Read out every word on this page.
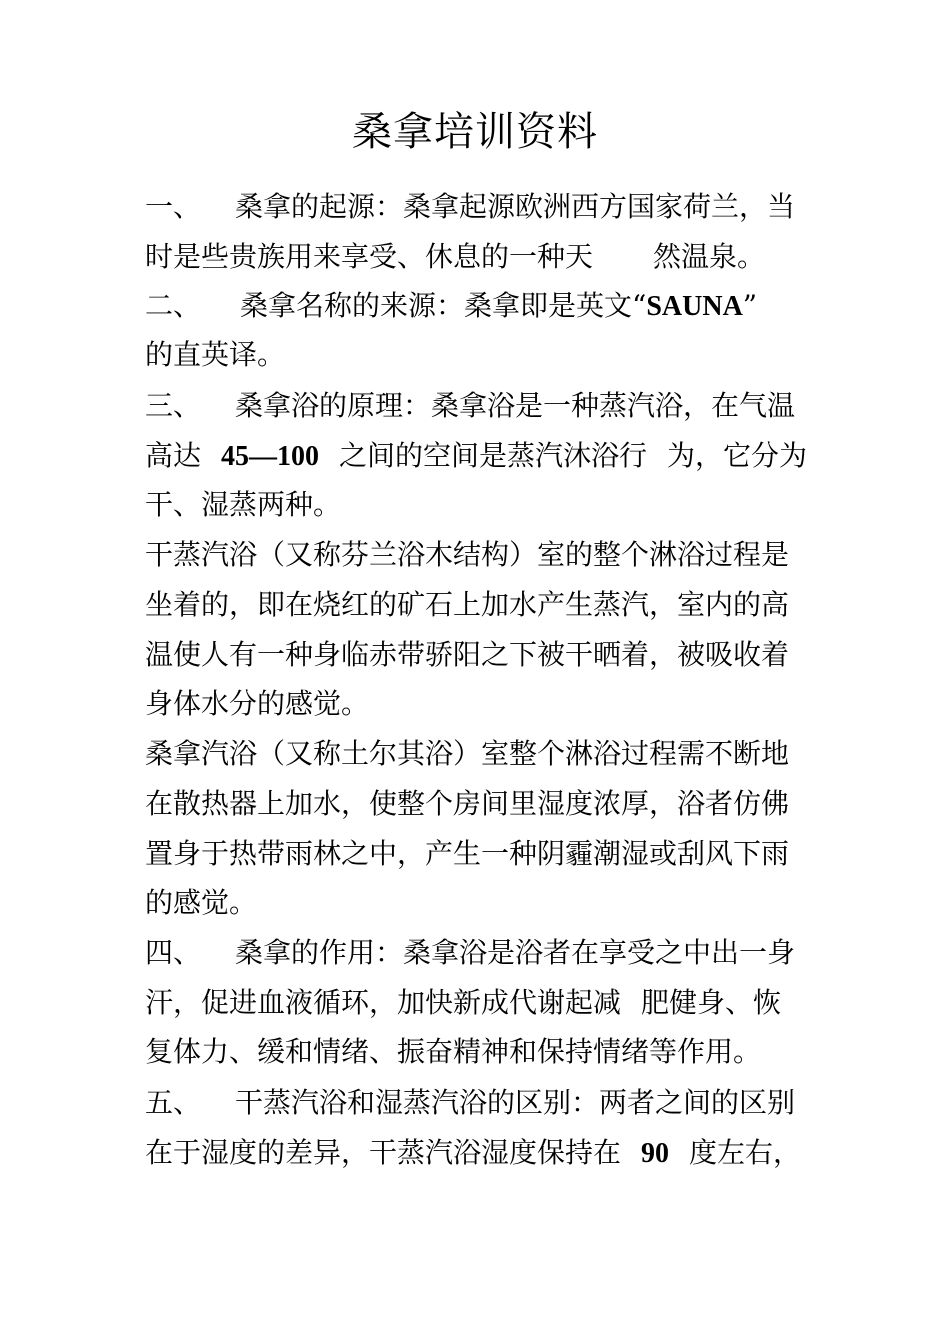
桑拿培训资料
一、 桑拿的起源：桑拿起源欧洲西方国家荷兰，当
时是些贵族用来享受、休息的一种天 然温泉。
二、 桑拿名称的来源：桑拿即是英文“SAUNA”
的直英译。
三、 桑拿浴的原理：桑拿浴是一种蒸汽浴，在气温
高达 45—100 之间的空间是蒸汽沐浴行 为，它分为
干、湿蒸两种。
干蒸汽浴（又称芬兰浴木结构）室的整个淋浴过程是
坐着的，即在烧红的矿石上加水产生蒸汽，室内的高
温使人有一种身临赤带骄阳之下被干晒着，被吸收着
身体水分的感觉。
桑拿汽浴（又称土尔其浴）室整个淋浴过程需不断地
在散热器上加水，使整个房间里湿度浓厚，浴者仿佛
置身于热带雨林之中，产生一种阴霾潮湿或刮风下雨
的感觉。
四、 桑拿的作用：桑拿浴是浴者在享受之中出一身
汗，促进血液循环，加快新成代谢起减 肥健身、恢
复体力、缓和情绪、振奋精神和保持情绪等作用。
五、 干蒸汽浴和湿蒸汽浴的区别：两者之间的区别
在于湿度的差异，干蒸汽浴湿度保持在 90 度左右，
